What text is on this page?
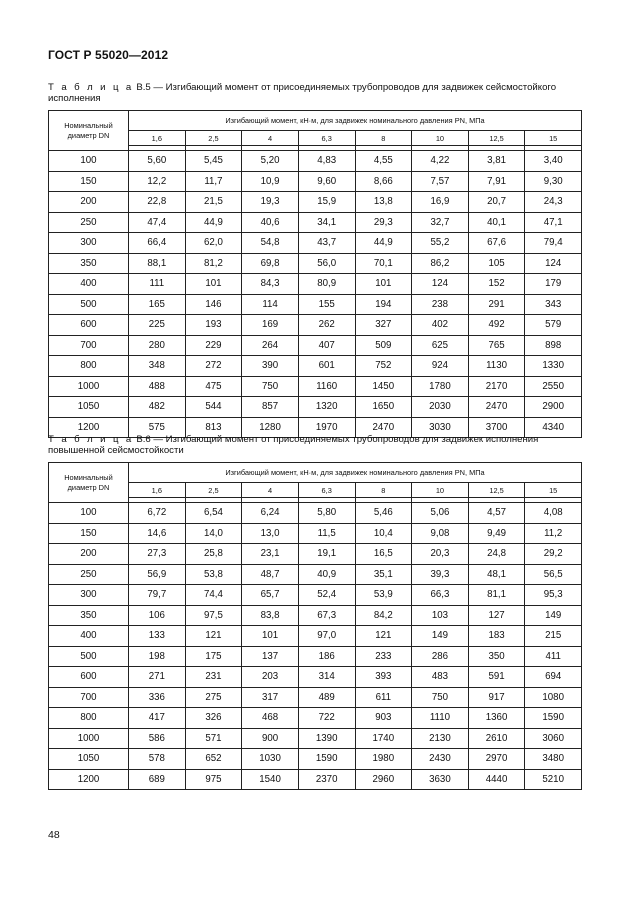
ГОСТ Р 55020—2012
Т а б л и ц а В.5 — Изгибающий момент от присоединяемых трубопроводов для задвижек сейсмостойкого исполнения
Номинальный диаметр DN	Изгибающий момент, кН·м, для задвижек номинального давления PN, МПа							
	1,6	2,5	4	6,3	8	10	12,5	15

100	5,60	5,45	5,20	4,83	4,55	4,22	3,81	3,40
150	12,2	11,7	10,9	9,60	8,66	7,57	7,91	9,30
200	22,8	21,5	19,3	15,9	13,8	16,9	20,7	24,3
250	47,4	44,9	40,6	34,1	29,3	32,7	40,1	47,1
300	66,4	62,0	54,8	43,7	44,9	55,2	67,6	79,4
350	88,1	81,2	69,8	56,0	70,1	86,2	105	124
400	111	101	84,3	80,9	101	124	152	179
500	165	146	114	155	194	238	291	343
600	225	193	169	262	327	402	492	579
700	280	229	264	407	509	625	765	898
800	348	272	390	601	752	924	1130	1330
1000	488	475	750	1160	1450	1780	2170	2550
1050	482	544	857	1320	1650	2030	2470	2900
1200	575	813	1280	1970	2470	3030	3700	4340
Т а б л и ц а В.6 — Изгибающий момент от присоединяемых трубопроводов для задвижек исполнения повышенной сейсмостойкости
Номинальный диаметр DN	Изгибающий момент, кН·м, для задвижек номинального давления PN, МПа							
	1,6	2,5	4	6,3	8	10	12,5	15

100	6,72	6,54	6,24	5,80	5,46	5,06	4,57	4,08
150	14,6	14,0	13,0	11,5	10,4	9,08	9,49	11,2
200	27,3	25,8	23,1	19,1	16,5	20,3	24,8	29,2
250	56,9	53,8	48,7	40,9	35,1	39,3	48,1	56,5
300	79,7	74,4	65,7	52,4	53,9	66,3	81,1	95,3
350	106	97,5	83,8	67,3	84,2	103	127	149
400	133	121	101	97,0	121	149	183	215
500	198	175	137	186	233	286	350	411
600	271	231	203	314	393	483	591	694
700	336	275	317	489	611	750	917	1080
800	417	326	468	722	903	1110	1360	1590
1000	586	571	900	1390	1740	2130	2610	3060
1050	578	652	1030	1590	1980	2430	2970	3480
1200	689	975	1540	2370	2960	3630	4440	5210
48
